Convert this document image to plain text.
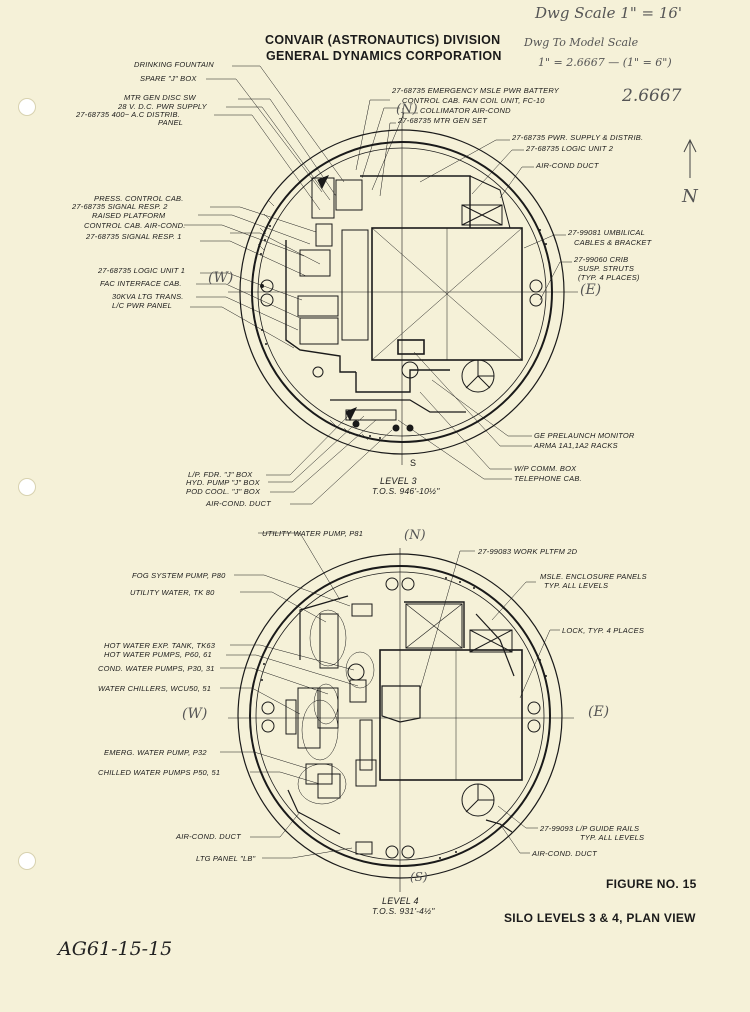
CONVAIR (ASTRONAUTICS) DIVISION
GENERAL DYNAMICS CORPORATION
Dwg Scale 1" = 16'
Dwg To Model Scale
1" = 2.6667 — (1" = 6")
2.6667
N
AG61-15-15
DRINKING FOUNTAIN
SPARE "J" BOX
MTR GEN DISC SW
28 V. D.C. PWR SUPPLY
27-68735 400~ A.C DISTRIB.
PANEL
PRESS. CONTROL CAB.
27-68735 SIGNAL RESP. 2
RAISED PLATFORM
CONTROL CAB. AIR-COND.
27-68735 SIGNAL RESP. 1
27-68735 LOGIC UNIT 1
FAC INTERFACE CAB.
30KVA LTG TRANS.
L/C PWR PANEL
27-68735 EMERGENCY MSLE PWR BATTERY
CONTROL CAB. FAN COIL UNIT, FC-10
COLLIMATOR AIR-COND
27-68735 MTR GEN SET
27-68735 PWR. SUPPLY & DISTRIB.
27-68735 LOGIC UNIT 2
AIR-COND DUCT
27-99081 UMBILICAL
CABLES & BRACKET
27-99060 CRIB
SUSP. STRUTS
(TYP. 4 PLACES)
GE PRELAUNCH MONITOR
ARMA 1A1,1A2 RACKS
W/P COMM. BOX
TELEPHONE CAB.
L/P. FDR. "J" BOX
HYD. PUMP "J" BOX
POD COOL. "J" BOX
AIR-COND. DUCT
(W)
(E)
(N)
S
LEVEL 3
T.O.S. 946'-10½"
UTILITY WATER PUMP, P81
27-99083 WORK PLTFM 2D
FOG SYSTEM PUMP, P80
UTILITY WATER, TK 80
HOT WATER EXP. TANK, TK63
HOT WATER PUMPS, P60, 61
COND. WATER PUMPS, P30, 31
WATER CHILLERS, WCU50, 51
EMERG. WATER PUMP, P32
CHILLED WATER PUMPS P50, 51
AIR-COND. DUCT
LTG PANEL "LB"
MSLE. ENCLOSURE PANELS
TYP. ALL LEVELS
LOCK, TYP. 4 PLACES
27-99093 L/P GUIDE RAILS
TYP. ALL LEVELS
AIR-COND. DUCT
(W)	(E)
(N)
(S)
LEVEL 4
T.O.S. 931'-4½"
FIGURE NO. 15
SILO LEVELS 3 & 4, PLAN VIEW
